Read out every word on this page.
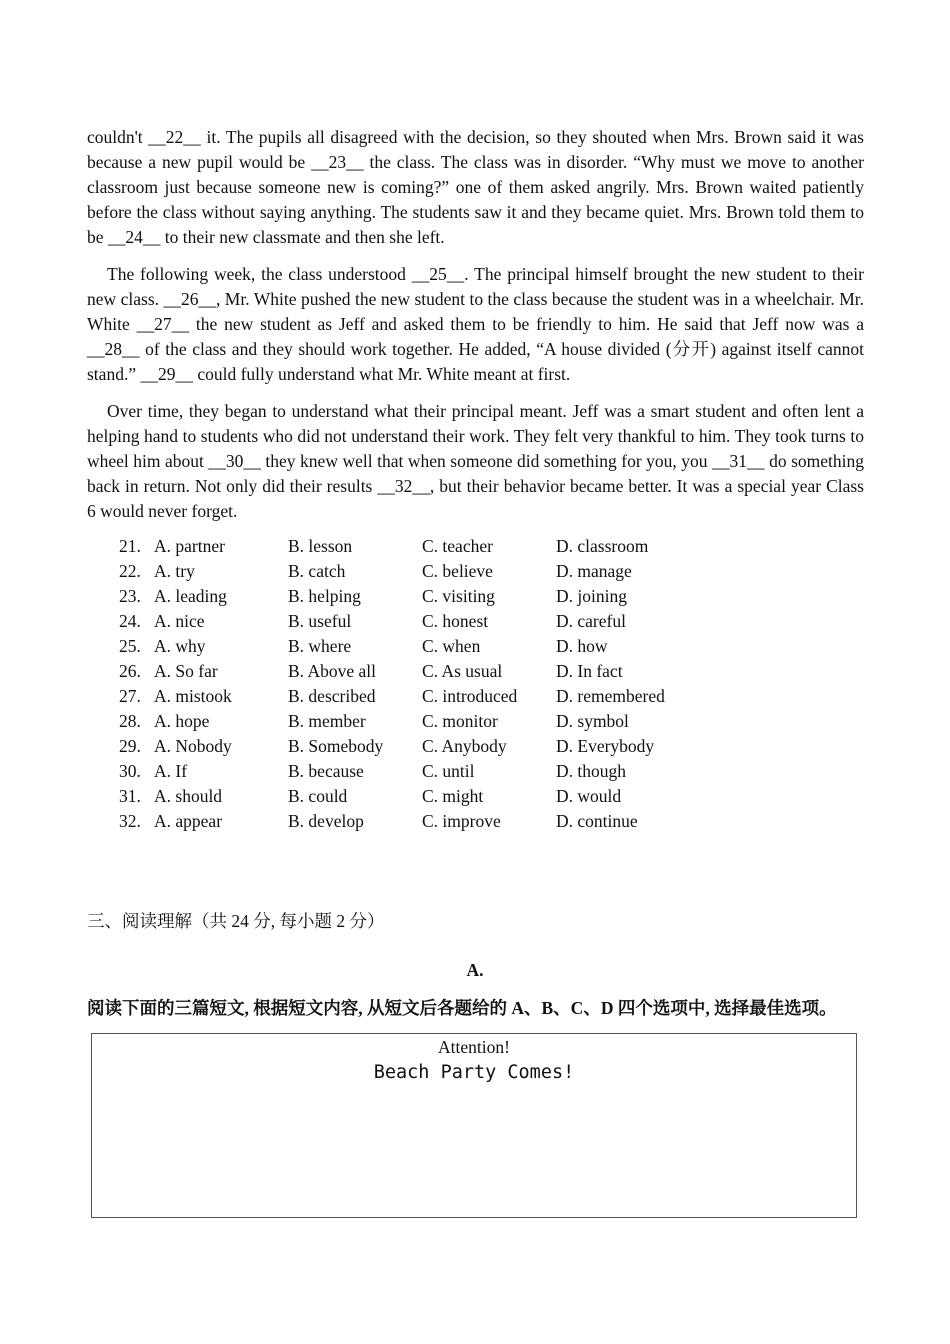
couldn't __22__ it. The pupils all disagreed with the decision, so they shouted when Mrs. Brown said it was because a new pupil would be __23__ the class. The class was in disorder. “Why must we move to another classroom just because someone new is coming?” one of them asked angrily. Mrs. Brown waited patiently before the class without saying anything. The students saw it and they became quiet. Mrs. Brown told them to be __24__ to their new classmate and then she left.

The following week, the class understood __25__. The principal himself brought the new student to their new class. __26__, Mr. White pushed the new student to the class because the student was in a wheelchair. Mr. White __27__ the new student as Jeff and asked them to be friendly to him. He said that Jeff now was a __28__ of the class and they should work together. He added, “A house divided (分开) against itself cannot stand.” __29__ could fully understand what Mr. White meant at first.

Over time, they began to understand what their principal meant. Jeff was a smart student and often lent a helping hand to students who did not understand their work. They felt very thankful to him. They took turns to wheel him about __30__ they knew well that when someone did something for you, you __31__ do something back in return. Not only did their results __32__, but their behavior became better. It was a special year Class 6 would never forget.

21. A. partner	B. lesson	C. teacher	D. classroom
22. A. try	B. catch	C. believe	D. manage
23. A. leading	B. helping	C. visiting	D. joining
24. A. nice	B. useful	C. honest	D. careful
25. A. why	B. where	C. when	D. how
26. A. So far	B. Above all	C. As usual	D. In fact
27. A. mistook	B. described	C. introduced	D. remembered
28. A. hope	B. member	C. monitor	D. symbol
29. A. Nobody	B. Somebody	C. Anybody	D. Everybody
30. A. If	B. because	C. until	D. though
31. A. should	B. could	C. might	D. would
32. A. appear	B. develop	C. improve	D. continue
三、阅读理解（共 24 分, 每小题 2 分）
A.
阅读下面的三篇短文, 根据短文内容, 从短文后各题给的 A、B、C、D 四个选项中, 选择最佳选项。
Attention!
Beach Party Comes!
